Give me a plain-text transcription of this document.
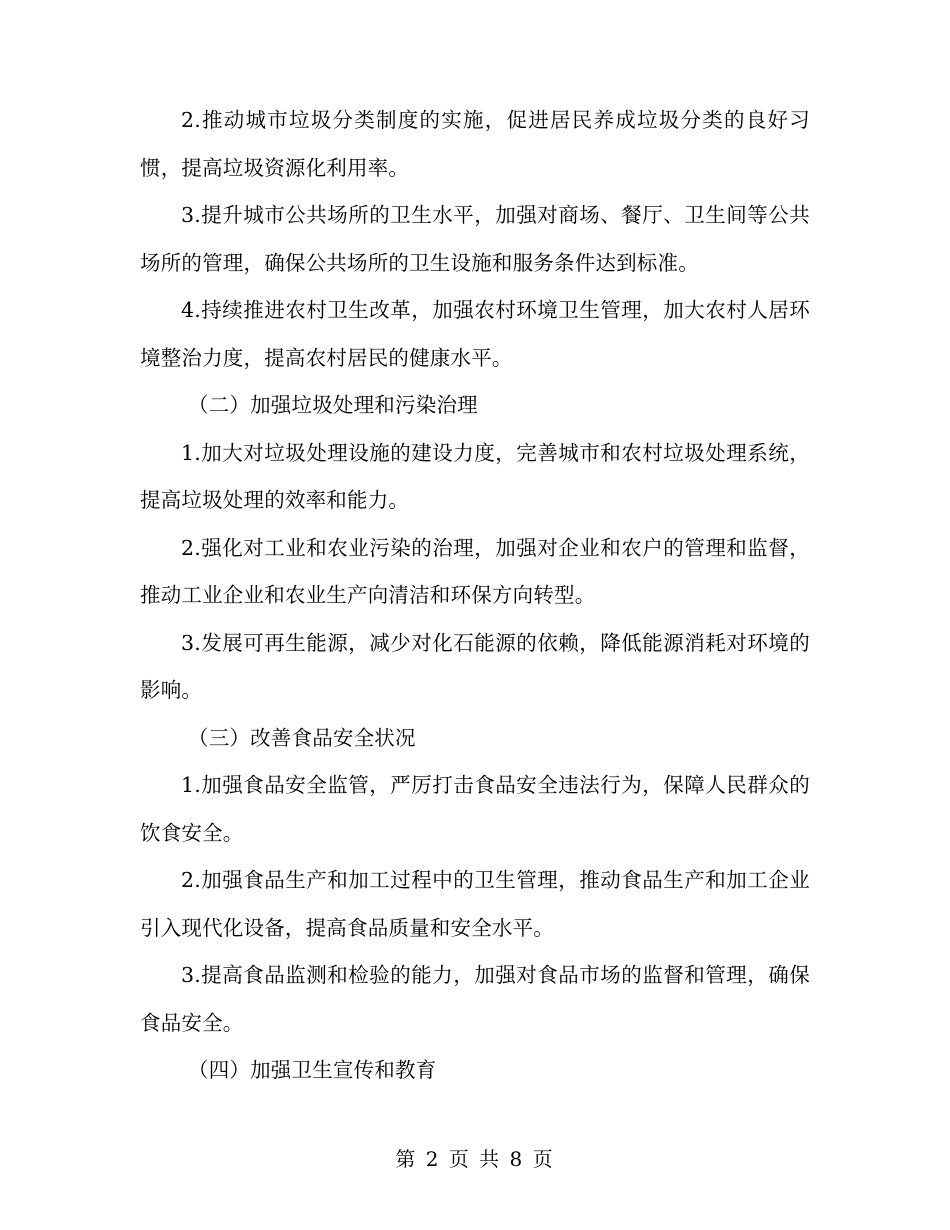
2.推动城市垃圾分类制度的实施，促进居民养成垃圾分类的良好习惯，提高垃圾资源化利用率。

3.提升城市公共场所的卫生水平，加强对商场、餐厅、卫生间等公共场所的管理，确保公共场所的卫生设施和服务条件达到标准。

4.持续推进农村卫生改革，加强农村环境卫生管理，加大农村人居环境整治力度，提高农村居民的健康水平。

（二）加强垃圾处理和污染治理

1.加大对垃圾处理设施的建设力度，完善城市和农村垃圾处理系统，提高垃圾处理的效率和能力。

2.强化对工业和农业污染的治理，加强对企业和农户的管理和监督，推动工业企业和农业生产向清洁和环保方向转型。

3.发展可再生能源，减少对化石能源的依赖，降低能源消耗对环境的影响。

（三）改善食品安全状况

1.加强食品安全监管，严厉打击食品安全违法行为，保障人民群众的饮食安全。

2.加强食品生产和加工过程中的卫生管理，推动食品生产和加工企业引入现代化设备，提高食品质量和安全水平。

3.提高食品监测和检验的能力，加强对食品市场的监督和管理，确保食品安全。

（四）加强卫生宣传和教育

第 2 页 共 8 页
